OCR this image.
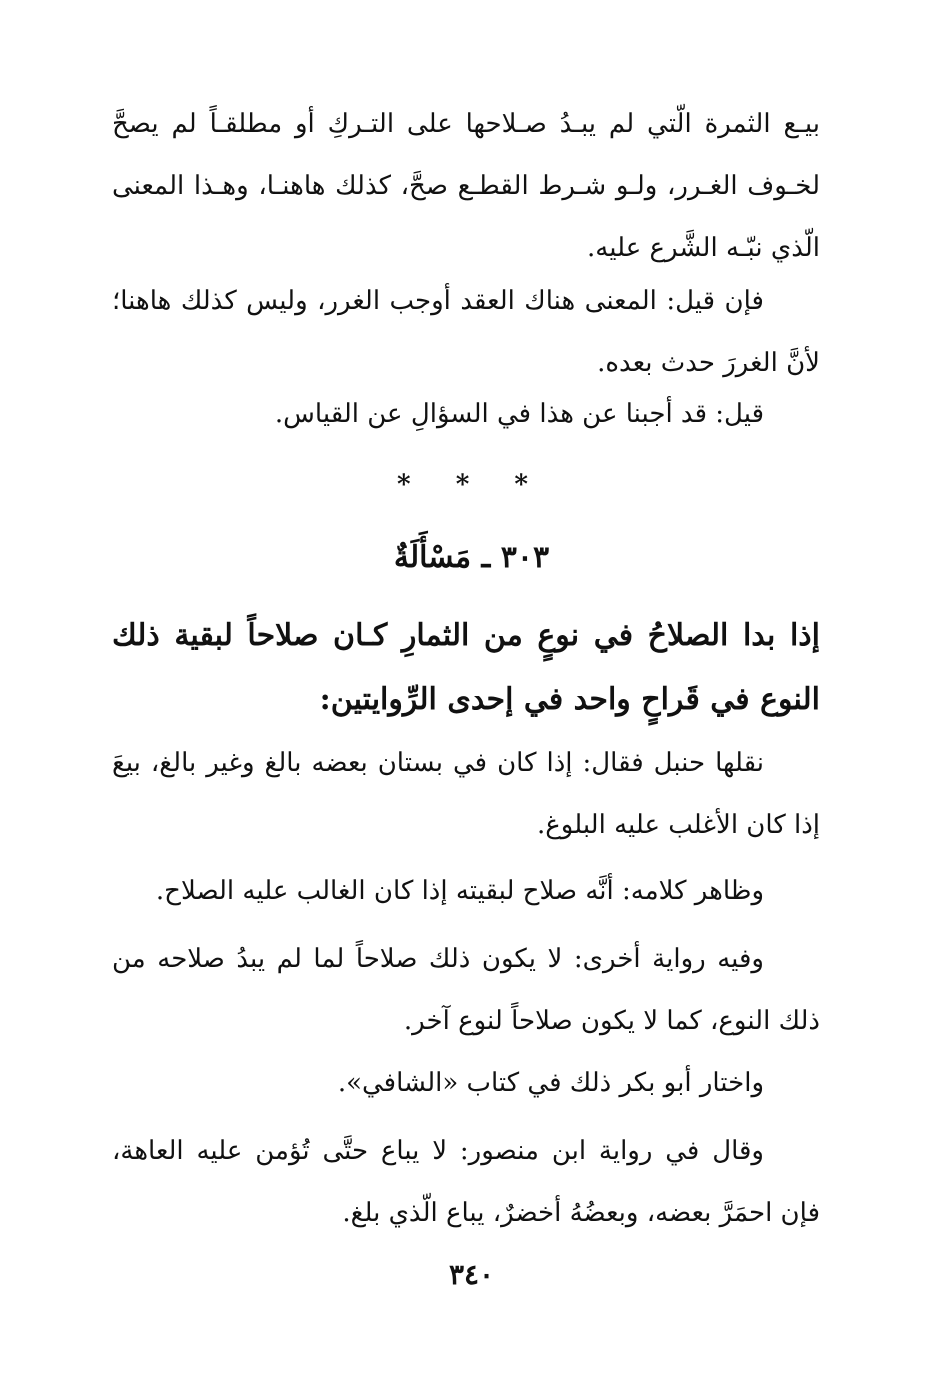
بيـع الثمرة الّتي لم يبـدُ صـلاحها على التـركِ أو مطلقـاً لم يصحَّ لخـوف الغـرر، ولـو شـرط القطـع صحَّ، كذلك هاهنـا، وهـذا المعنى الّذي نبّـه الشَّرع عليه.

فإن قيل: المعنى هناك العقد أوجب الغرر، وليس كذلك هاهنا؛ لأنَّ الغررَ حدث بعده.

قيل: قد أجبنا عن هذا في السؤالِ عن القياس.

* * *
٣٠٣ ـ مَسْأَلَةٌ
إذا بدا الصلاحُ في نوعٍ من الثمارِ كـان صلاحاً لبقية ذلك النوع في قَراحٍ واحد في إحدى الرِّوايتين:

نقلها حنبل فقال: إذا كان في بستان بعضه بالغ وغير بالغ، بيعَ إذا كان الأغلب عليه البلوغ.

وظاهر كلامه: أنَّه صلاح لبقيته إذا كان الغالب عليه الصلاح.

وفيه رواية أخرى: لا يكون ذلك صلاحاً لما لم يبدُ صلاحه من ذلك النوع، كما لا يكون صلاحاً لنوع آخر.

واختار أبو بكر ذلك في كتاب «الشافي».

وقال في رواية ابن منصور: لا يباع حتَّى تُؤمن عليه العاهة، فإن احمَرَّ بعضه، وبعضُهُ أخضرٌ، يباع الّذي بلغ.

٣٤٠
